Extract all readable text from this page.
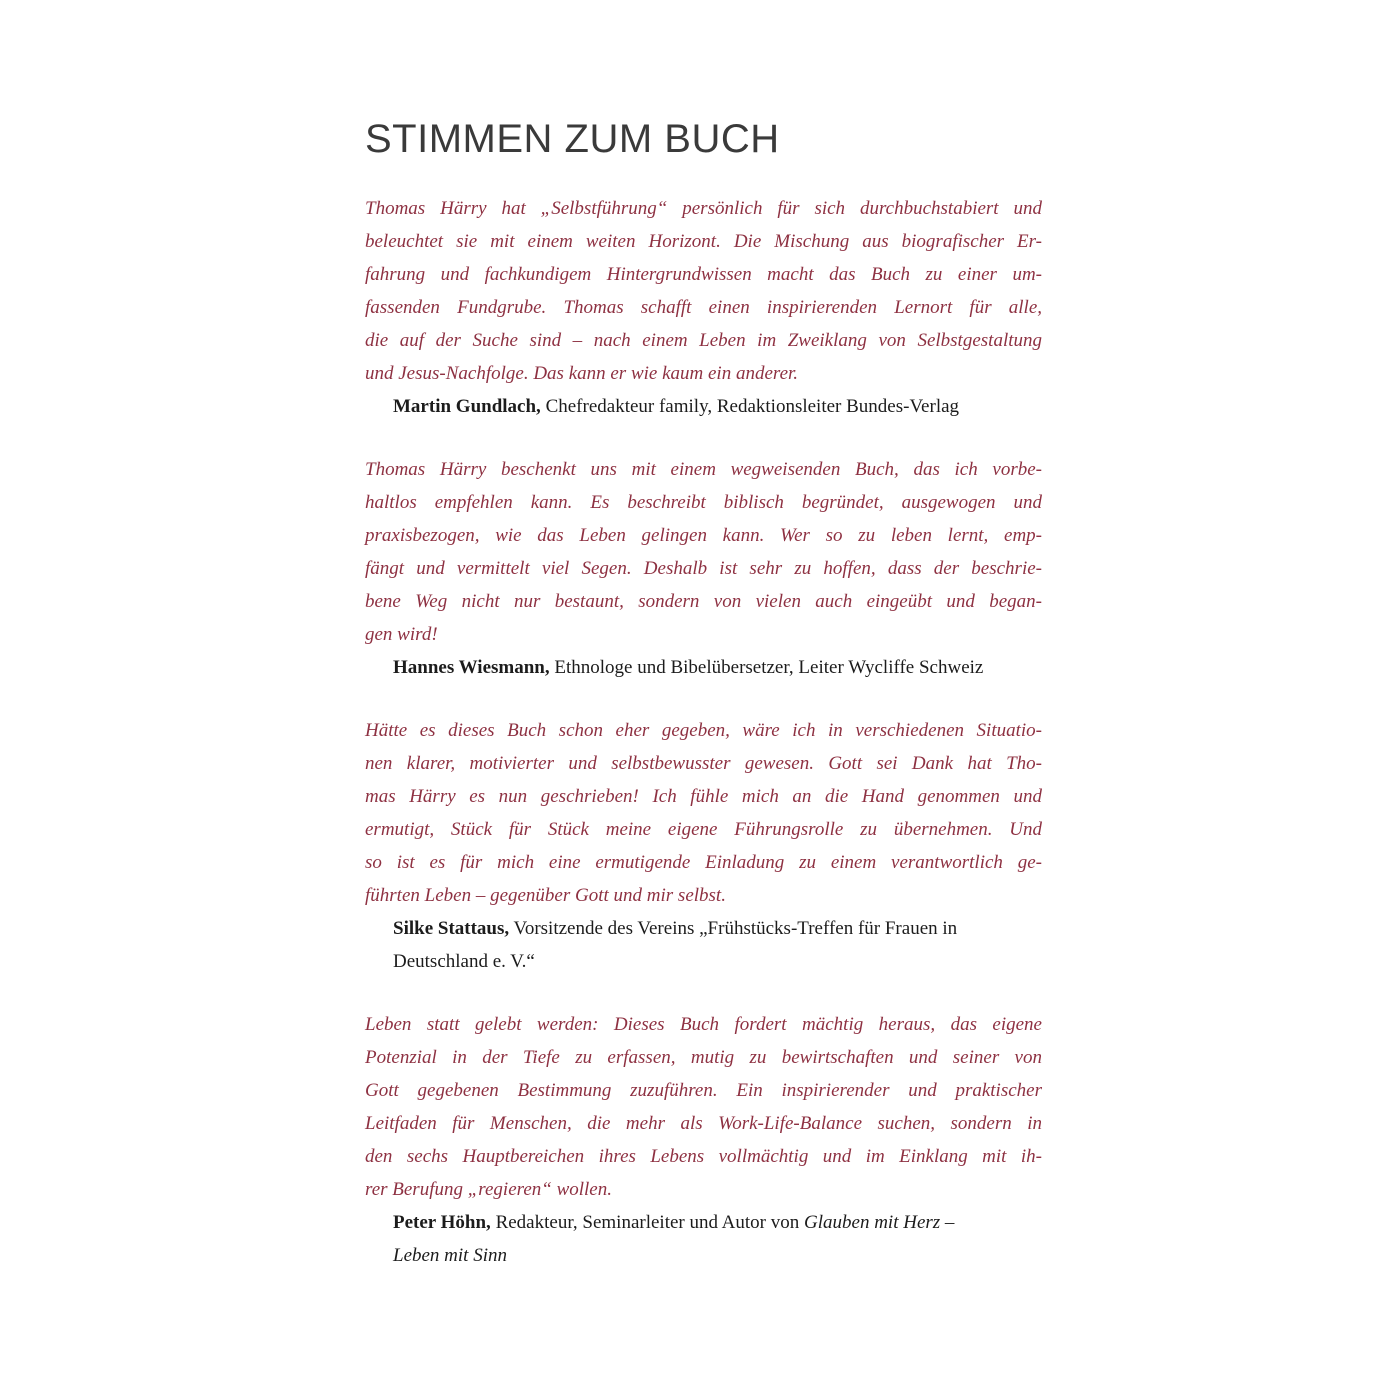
STIMMEN ZUM BUCH
Thomas Härry hat „Selbstführung“ persönlich für sich durchbuchstabiert und
beleuchtet sie mit einem weiten Horizont. Die Mischung aus biografischer Er-
fahrung und fachkundigem Hintergrundwissen macht das Buch zu einer um-
fassenden Fundgrube. Thomas schafft einen inspirierenden Lernort für alle,
die auf der Suche sind – nach einem Leben im Zweiklang von Selbstgestaltung
und Jesus-Nachfolge. Das kann er wie kaum ein anderer.
Martin Gundlach, Chefredakteur family, Redaktionsleiter Bundes-Verlag
Thomas Härry beschenkt uns mit einem wegweisenden Buch, das ich vorbe-
haltlos empfehlen kann. Es beschreibt biblisch begründet, ausgewogen und
praxisbezogen, wie das Leben gelingen kann. Wer so zu leben lernt, emp-
fängt und vermittelt viel Segen. Deshalb ist sehr zu hoffen, dass der beschrie-
bene Weg nicht nur bestaunt, sondern von vielen auch eingeübt und began-
gen wird!
Hannes Wiesmann, Ethnologe und Bibelübersetzer, Leiter Wycliffe Schweiz
Hätte es dieses Buch schon eher gegeben, wäre ich in verschiedenen Situatio-
nen klarer, motivierter und selbstbewusster gewesen. Gott sei Dank hat Tho-
mas Härry es nun geschrieben! Ich fühle mich an die Hand genommen und
ermutigt, Stück für Stück meine eigene Führungsrolle zu übernehmen. Und
so ist es für mich eine ermutigende Einladung zu einem verantwortlich ge-
führten Leben – gegenüber Gott und mir selbst.
Silke Stattaus, Vorsitzende des Vereins „Frühstücks-Treffen für Frauen in
Deutschland e. V.“
Leben statt gelebt werden: Dieses Buch fordert mächtig heraus, das eigene
Potenzial in der Tiefe zu erfassen, mutig zu bewirtschaften und seiner von
Gott gegebenen Bestimmung zuzuführen. Ein inspirierender und praktischer
Leitfaden für Menschen, die mehr als Work-Life-Balance suchen, sondern in
den sechs Hauptbereichen ihres Lebens vollmächtig und im Einklang mit ih-
rer Berufung „regieren“ wollen.
Peter Höhn, Redakteur, Seminarleiter und Autor von Glauben mit Herz –
Leben mit Sinn
